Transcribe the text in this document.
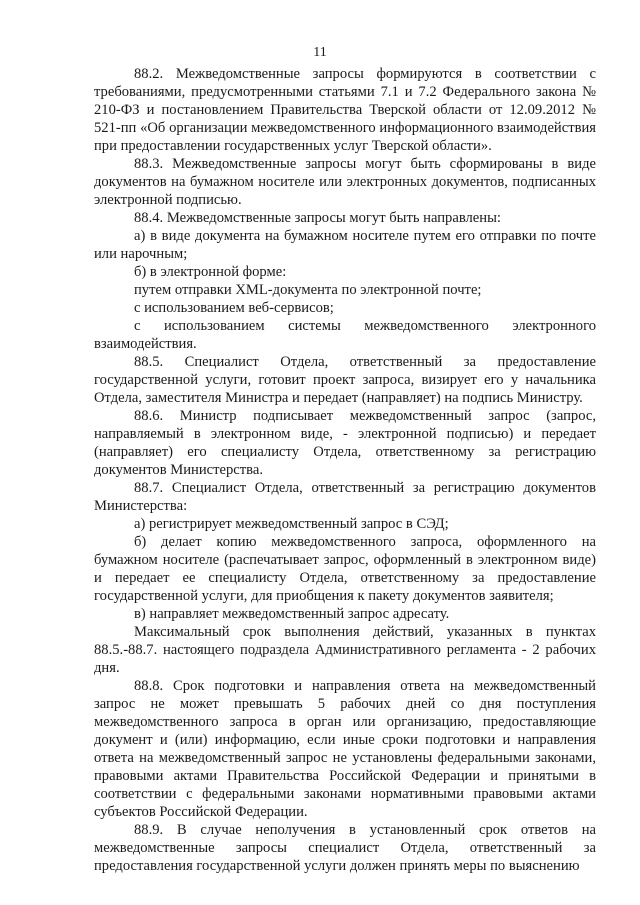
11

88.2. Межведомственные запросы формируются в соответствии с требованиями, предусмотренными статьями 7.1 и 7.2 Федерального закона № 210-ФЗ и постановлением Правительства Тверской области от 12.09.2012 № 521-пп «Об организации межведомственного информационного взаимодействия при предоставлении государственных услуг Тверской области».

88.3. Межведомственные запросы могут быть сформированы в виде документов на бумажном носителе или электронных документов, подписанных электронной подписью.

88.4. Межведомственные запросы могут быть направлены:

а) в виде документа на бумажном носителе путем его отправки по почте или нарочным;

б) в электронной форме:

путем отправки XML-документа по электронной почте;

с использованием веб-сервисов;

с использованием системы межведомственного электронного взаимодействия.

88.5. Специалист Отдела, ответственный за предоставление государственной услуги, готовит проект запроса, визирует его у начальника Отдела, заместителя Министра и передает (направляет) на подпись Министру.

88.6. Министр подписывает межведомственный запрос (запрос, направляемый в электронном виде, - электронной подписью) и передает (направляет) его специалисту Отдела, ответственному за регистрацию документов Министерства.

88.7. Специалист Отдела, ответственный за регистрацию документов Министерства:

а) регистрирует межведомственный запрос в СЭД;

б) делает копию межведомственного запроса, оформленного на бумажном носителе (распечатывает запрос, оформленный в электронном виде) и передает ее специалисту Отдела, ответственному за предоставление государственной услуги, для приобщения к пакету документов заявителя;

в) направляет межведомственный запрос адресату.

Максимальный срок выполнения действий, указанных в пунктах 88.5.-88.7. настоящего подраздела Административного регламента - 2 рабочих дня.

88.8. Срок подготовки и направления ответа на межведомственный запрос не может превышать 5 рабочих дней со дня поступления межведомственного запроса в орган или организацию, предоставляющие документ и (или) информацию, если иные сроки подготовки и направления ответа на межведомственный запрос не установлены федеральными законами, правовыми актами Правительства Российской Федерации и принятыми в соответствии с федеральными законами нормативными правовыми актами субъектов Российской Федерации.

88.9. В случае неполучения в установленный срок ответов на межведомственные запросы специалист Отдела, ответственный за предоставления государственной услуги должен принять меры по выяснению
